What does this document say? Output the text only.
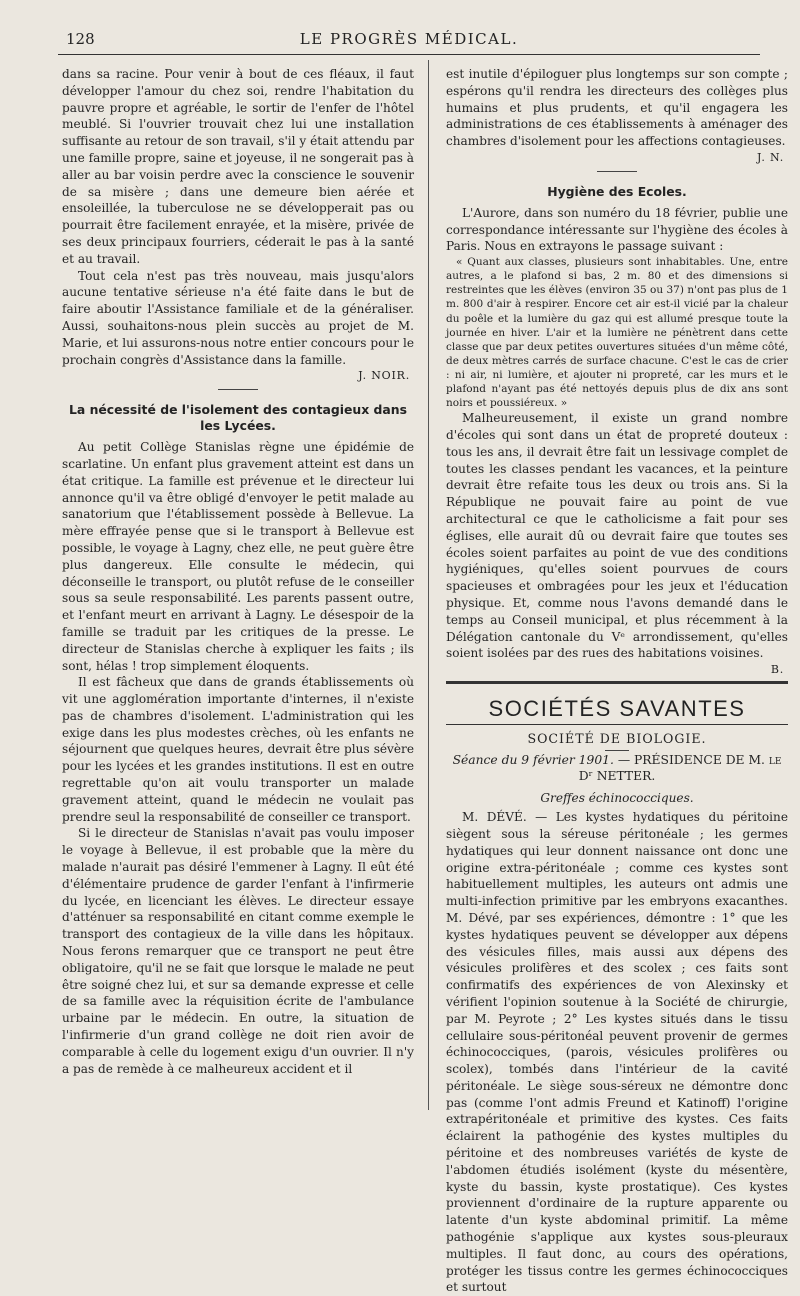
128	LE PROGRÈS MÉDICAL.

dans sa racine. Pour venir à bout de ces fléaux, il faut développer l'amour du chez soi, rendre l'habitation du pauvre propre et agréable, le sortir de l'enfer de l'hôtel meublé. Si l'ouvrier trouvait chez lui une installation suffisante au retour de son travail, s'il y était attendu par une famille propre, saine et joyeuse, il ne songerait pas à aller au bar voisin perdre avec la conscience le souvenir de sa misère ; dans une demeure bien aérée et ensoleillée, la tuberculose ne se développerait pas ou pourrait être facilement enrayée, et la misère, privée de ses deux principaux fourriers, céderait le pas à la santé et au travail.

Tout cela n'est pas très nouveau, mais jusqu'alors aucune tentative sérieuse n'a été faite dans le but de faire aboutir l'Assistance familiale et de la généraliser. Aussi, souhaitons-nous plein succès au projet de M. Marie, et lui assurons-nous notre entier concours pour le prochain congrès d'Assistance dans la famille.

J. NOIR.
La nécessité de l'isolement des contagieux dans les Lycées.

Au petit Collège Stanislas règne une épidémie de scarlatine. Un enfant plus gravement atteint est dans un état critique. La famille est prévenue et le directeur lui annonce qu'il va être obligé d'envoyer le petit malade au sanatorium que l'établissement possède à Bellevue. La mère effrayée pense que si le transport à Bellevue est possible, le voyage à Lagny, chez elle, ne peut guère être plus dangereux. Elle consulte le médecin, qui déconseille le transport, ou plutôt refuse de le conseiller sous sa seule responsabilité. Les parents passent outre, et l'enfant meurt en arrivant à Lagny. Le désespoir de la famille se traduit par les critiques de la presse. Le directeur de Stanislas cherche à expliquer les faits ; ils sont, hélas ! trop simplement éloquents.

Il est fâcheux que dans de grands établissements où vit une agglomération importante d'internes, il n'existe pas de chambres d'isolement. L'administration qui les exige dans les plus modestes crèches, où les enfants ne séjournent que quelques heures, devrait être plus sévère pour les lycées et les grandes institutions. Il est en outre regrettable qu'on ait voulu transporter un malade gravement atteint, quand le médecin ne voulait pas prendre seul la responsabilité de conseiller ce transport.

Si le directeur de Stanislas n'avait pas voulu imposer le voyage à Bellevue, il est probable que la mère du malade n'aurait pas désiré l'emmener à Lagny. Il eût été d'élémentaire prudence de garder l'enfant à l'infirmerie du lycée, en licenciant les élèves. Le directeur essaye d'atténuer sa responsabilité en citant comme exemple le transport des contagieux de la ville dans les hôpitaux. Nous ferons remarquer que ce transport ne peut être obligatoire, qu'il ne se fait que lorsque le malade ne peut être soigné chez lui, et sur sa demande expresse et celle de sa famille avec la réquisition écrite de l'ambulance urbaine par le médecin. En outre, la situation de l'infirmerie d'un grand collège ne doit rien avoir de comparable à celle du logement exigu d'un ouvrier. Il n'y a pas de remède à ce malheureux accident et il

est inutile d'épiloguer plus longtemps sur son compte ; espérons qu'il rendra les directeurs des collèges plus humains et plus prudents, et qu'il engagera les administrations de ces établissements à aménager des chambres d'isolement pour les affections contagieuses.

J. N.
Hygiène des Ecoles.

L'Aurore, dans son numéro du 18 février, publie une correspondance intéressante sur l'hygiène des écoles à Paris. Nous en extrayons le passage suivant :

« Quant aux classes, plusieurs sont inhabitables. Une, entre autres, a le plafond si bas, 2 m. 80 et des dimensions si restreintes que les élèves (environ 35 ou 37) n'ont pas plus de 1 m. 800 d'air à respirer. Encore cet air est-il vicié par la chaleur du poêle et la lumière du gaz qui est allumé presque toute la journée en hiver. L'air et la lumière ne pénètrent dans cette classe que par deux petites ouvertures situées d'un même côté, de deux mètres carrés de surface chacune. C'est le cas de crier : ni air, ni lumière, et ajouter ni propreté, car les murs et le plafond n'ayant pas été nettoyés depuis plus de dix ans sont noirs et poussiéreux. »

Malheureusement, il existe un grand nombre d'écoles qui sont dans un état de propreté douteux : tous les ans, il devrait être fait un lessivage complet de toutes les classes pendant les vacances, et la peinture devrait être refaite tous les deux ou trois ans. Si la République ne pouvait faire au point de vue architectural ce que le catholicisme a fait pour ses églises, elle aurait dû ou devrait faire que toutes ses écoles soient parfaites au point de vue des conditions hygiéniques, qu'elles soient pourvues de cours spacieuses et ombragées pour les jeux et l'éducation physique. Et, comme nous l'avons demandé dans le temps au Conseil municipal, et plus récemment à la Délégation cantonale du Vᵉ arrondissement, qu'elles soient isolées par des rues des habitations voisines.

B.
SOCIÉTÉS SAVANTES
SOCIÉTÉ DE BIOLOGIE.
Séance du 9 février 1901. — PRÉSIDENCE DE M. le Dʳ NETTER.
Greffes échinococciques.

M. DÉVÉ. — Les kystes hydatiques du péritoine siègent sous la séreuse péritonéale ; les germes hydatiques qui leur donnent naissance ont donc une origine extra-péritonéale ; comme ces kystes sont habituellement multiples, les auteurs ont admis une multi-infection primitive par les embryons exacanthes. M. Dévé, par ses expériences, démontre : 1° que les kystes hydatiques peuvent se développer aux dépens des vésicules filles, mais aussi aux dépens des vésicules prolifères et des scolex ; ces faits sont confirmatifs des expériences de von Alexinsky et vérifient l'opinion soutenue à la Société de chirurgie, par M. Peyrote ; 2° Les kystes situés dans le tissu cellulaire sous-péritonéal peuvent provenir de germes échinococciques, (parois, vésicules prolifères ou scolex), tombés dans l'intérieur de la cavité péritonéale. Le siège sous-séreux ne démontre donc pas (comme l'ont admis Freund et Katinoff) l'origine extrapéritonéale et primitive des kystes. Ces faits éclairent la pathogénie des kystes multiples du péritoine et des nombreuses variétés de kyste de l'abdomen étudiés isolément (kyste du mésentère, kyste du bassin, kyste prostatique). Ces kystes proviennent d'ordinaire de la rupture apparente ou latente d'un kyste abdominal primitif. La même pathogénie s'applique aux kystes sous-pleuraux multiples. Il faut donc, au cours des opérations, protéger les tissus contre les germes échinococciques et surtout
